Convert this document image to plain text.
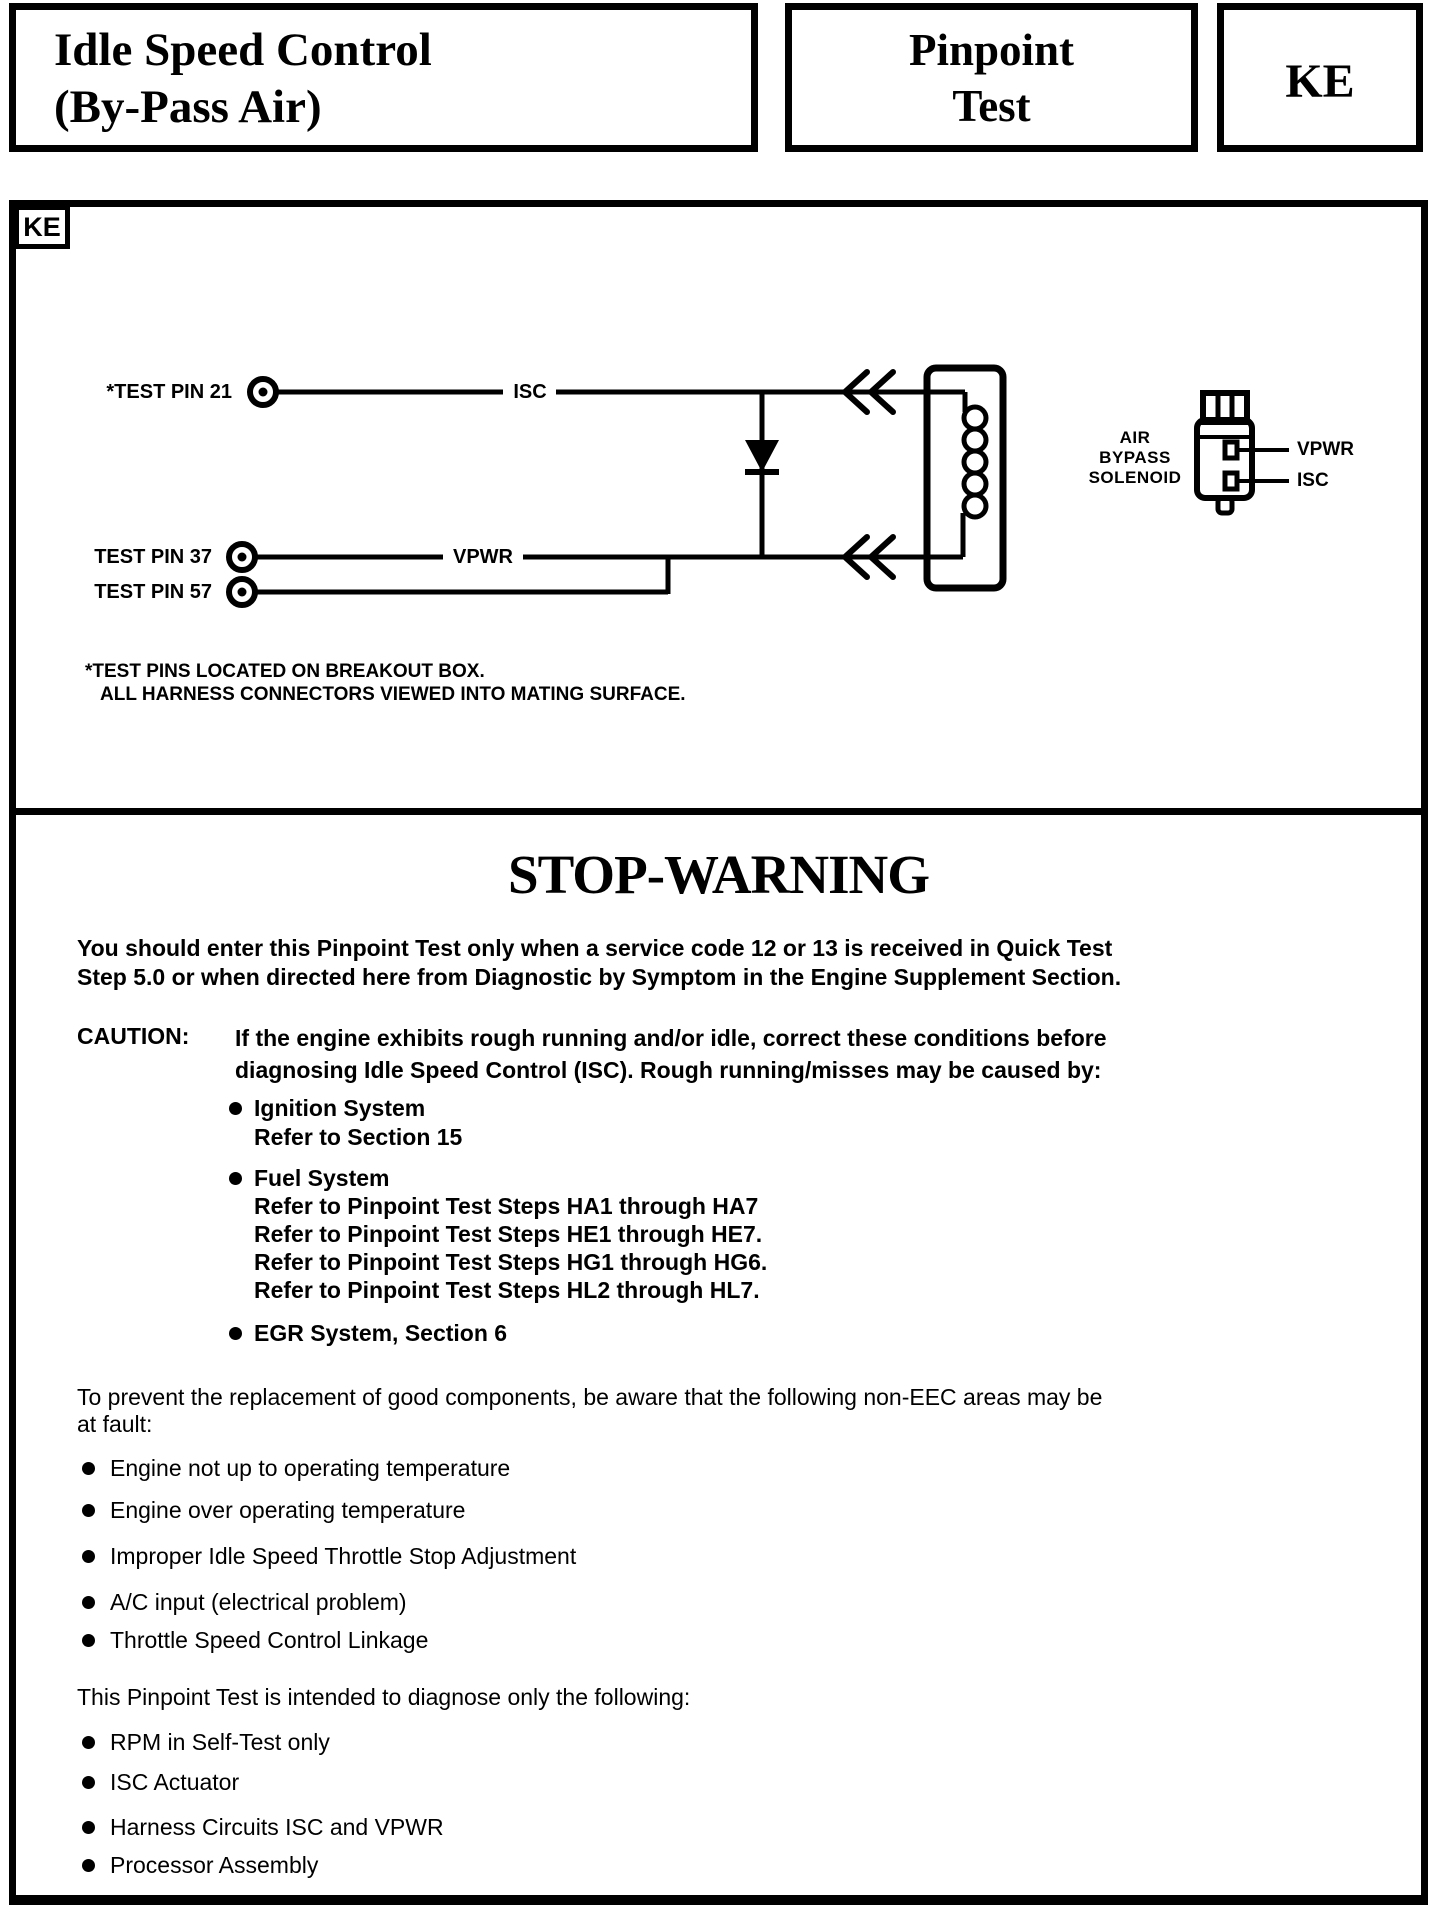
Idle Speed Control
(By-Pass Air)
Pinpoint
Test	KE
KE
*TEST PIN 21
TEST PIN 37
TEST PIN 57
ISC
VPWR
AIR
BYPASS
SOLENOID
VPWR
ISC
*TEST PINS LOCATED ON BREAKOUT BOX.
ALL HARNESS CONNECTORS VIEWED INTO MATING SURFACE.
STOP-WARNING
You should enter this Pinpoint Test only when a service code 12 or 13 is received in Quick Test
Step 5.0 or when directed here from Diagnostic by Symptom in the Engine Supplement Section.
CAUTION: If the engine exhibits rough running and/or idle, correct these conditions before
diagnosing Idle Speed Control (ISC). Rough running/misses may be caused by:
Ignition System
Refer to Section 15
Fuel System
Refer to Pinpoint Test Steps HA1 through HA7
Refer to Pinpoint Test Steps HE1 through HE7.
Refer to Pinpoint Test Steps HG1 through HG6.
Refer to Pinpoint Test Steps HL2 through HL7.
EGR System, Section 6
To prevent the replacement of good components, be aware that the following non-EEC areas may be
at fault:
Engine not up to operating temperature
Engine over operating temperature
Improper Idle Speed Throttle Stop Adjustment
A/C input (electrical problem)
Throttle Speed Control Linkage
This Pinpoint Test is intended to diagnose only the following:
RPM in Self-Test only
ISC Actuator
Harness Circuits ISC and VPWR
Processor Assembly
